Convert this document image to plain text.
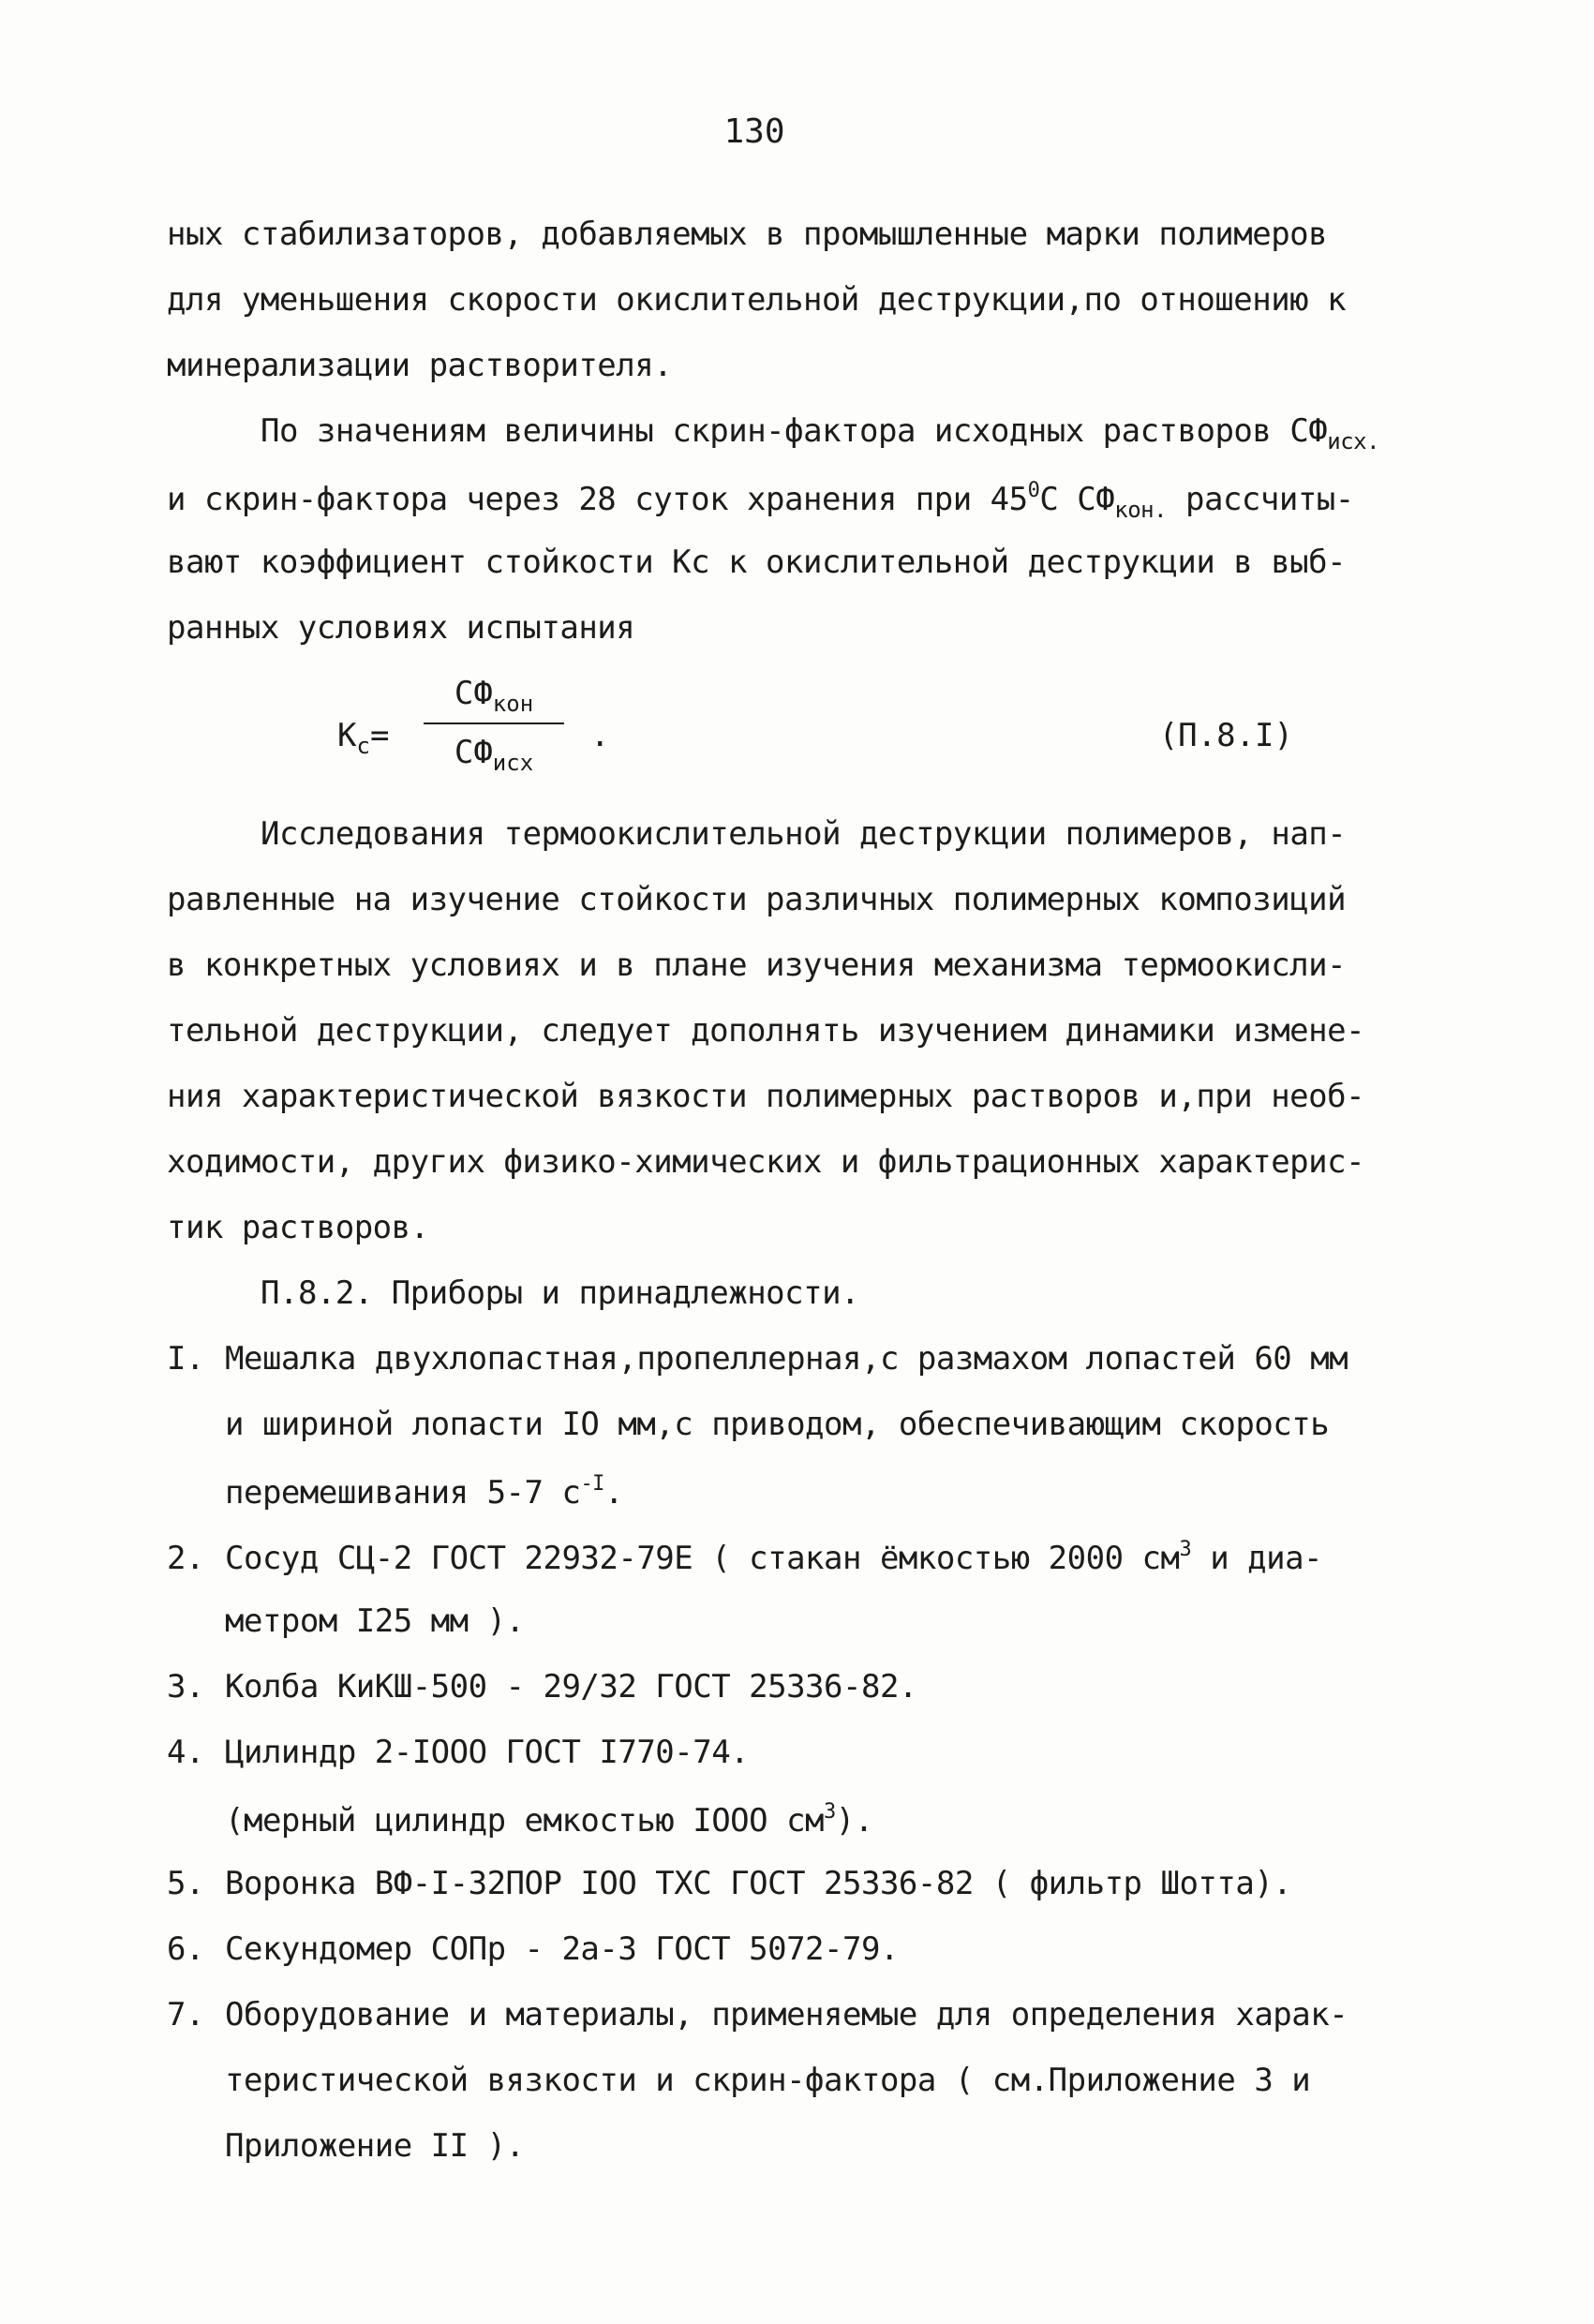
130
ных стабилизаторов, добавляемых в промышленные марки полимеров
для уменьшения скорости окислительной деструкции,по отношению к
минерализации растворителя.
По значениям величины скрин-фактора исходных растворов $СФ_{исх.}$
и скрин-фактора через 28 суток хранения при $45^0С$ $СФ_{кон.}$ рассчиты-
вают коэффициент стойкости Кс к окислительной деструкции в выб-
ранных условиях испытания
$К_с=$
$СФ_{кон}$
$СФ_{исх}$
.	(П.8.I)
Исследования термоокислительной деструкции полимеров, нап-
равленные на изучение стойкости различных полимерных композиций
в конкретных условиях и в плане изучения механизма термоокисли-
тельной деструкции, следует дополнять изучением динамики измене-
ния характеристической вязкости полимерных растворов и,при необ-
ходимости, других физико-химических и фильтрационных характерис-
тик растворов.
П.8.2. Приборы и принадлежности.
I. Мешалка двухлопастная,пропеллерная,с размахом лопастей 60 мм
и шириной лопасти IO мм,с приводом, обеспечивающим скорость
перемешивания 5-7 $с^{-I}$.
2. Сосуд СЦ-2 ГОСТ 22932-79Е ( стакан ёмкостью 2000 $см^3$ и диа-
метром I25 мм ).
3. Колба КиКШ-500 - 29/32 ГОСТ 25336-82.
4. Цилиндр 2-IOOO ГОСТ I770-74.
(мерный цилиндр емкостью IOOO $см^3$).
5. Воронка ВФ-I-32ПОР IOO ТХС ГОСТ 25336-82 ( фильтр Шотта).
6. Секундомер СОПр - 2а-3 ГОСТ 5072-79.
7. Оборудование и материалы, применяемые для определения харак-
теристической вязкости и скрин-фактора ( см.Приложение 3 и
Приложение II ).
